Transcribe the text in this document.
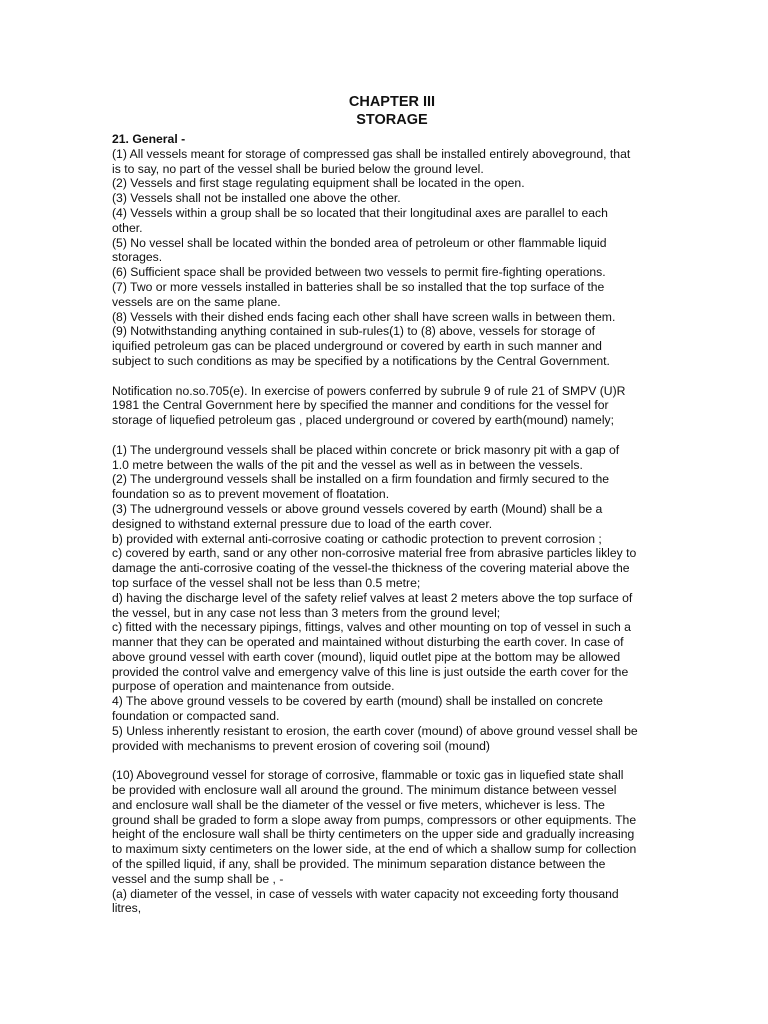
CHAPTER III
STORAGE
21. General -
(1) All vessels meant for storage of compressed gas shall be installed entirely aboveground, that
is to say, no part of the vessel shall be buried below the ground level.
(2) Vessels and first stage regulating equipment shall be located in the open.
(3) Vessels shall not be installed one above the other.
(4) Vessels within a group shall be so located that their longitudinal axes are parallel to each
other.
(5) No vessel shall be located within the bonded area of petroleum or other flammable liquid
storages.
(6) Sufficient space shall be provided between two vessels to permit fire-fighting operations.
(7) Two or more vessels installed in batteries shall be so installed that the top surface of the
vessels are on the same plane.
(8) Vessels with their dished ends facing each other shall have screen walls in between them.
(9) Notwithstanding anything contained in sub-rules(1) to (8) above, vessels for storage of
iquified petroleum gas can be placed underground or covered by earth in such manner and
subject to such conditions as may be specified by a notifications by the Central Government.
Notification no.so.705(e). In exercise of powers conferred by subrule 9 of rule 21 of SMPV (U)R
1981 the Central Government here by specified the manner and conditions for the vessel for
storage of liquefied petroleum gas , placed underground or covered by earth(mound) namely;
(1) The underground vessels shall be placed within concrete or brick masonry pit with a gap of
1.0 metre between the walls of the pit and the vessel as well as in between the vessels.
(2) The underground vessels shall be installed on a firm foundation and firmly secured to the
foundation so as to prevent movement of floatation.
(3) The udnerground vessels or above ground vessels covered by earth (Mound) shall be a
designed to withstand external pressure due to load of the earth cover.
b) provided with external anti-corrosive coating or cathodic protection to prevent corrosion ;
c) covered by earth, sand or any other non-corrosive material free from abrasive particles likley to
damage the anti-corrosive coating of the vessel-the thickness of the covering material above the
top surface of the vessel shall not be less than 0.5 metre;
d) having the discharge level of the safety relief valves at least 2 meters above the top surface of
the vessel, but in any case not less than 3 meters from the ground level;
c) fitted with the necessary pipings, fittings, valves and other mounting on top of vessel in such a
manner that they can be operated and maintained without disturbing the earth cover. In case of
above ground vessel with earth cover (mound), liquid outlet pipe at the bottom may be allowed
provided the control valve and emergency valve of this line is just outside the earth cover for the
purpose of operation and maintenance from outside.
4) The above ground vessels to be covered by earth (mound) shall be installed on concrete
foundation or compacted sand.
5) Unless inherently resistant to erosion, the earth cover (mound) of above ground vessel shall be
provided with mechanisms to prevent erosion of covering soil (mound)
(10) Aboveground vessel for storage of corrosive, flammable or toxic gas in liquefied state shall
be provided with enclosure wall all around the ground. The minimum distance between vessel
and enclosure wall shall be the diameter of the vessel or five meters, whichever is less. The
ground shall be graded to form a slope away from pumps, compressors or other equipments. The
height of the enclosure wall shall be thirty centimeters on the upper side and gradually increasing
to maximum sixty centimeters on the lower side, at the end of which a shallow sump for collection
of the spilled liquid, if any, shall be provided. The minimum separation distance between the
vessel and the sump shall be , -
(a) diameter of the vessel, in case of vessels with water capacity not exceeding forty thousand
litres,
